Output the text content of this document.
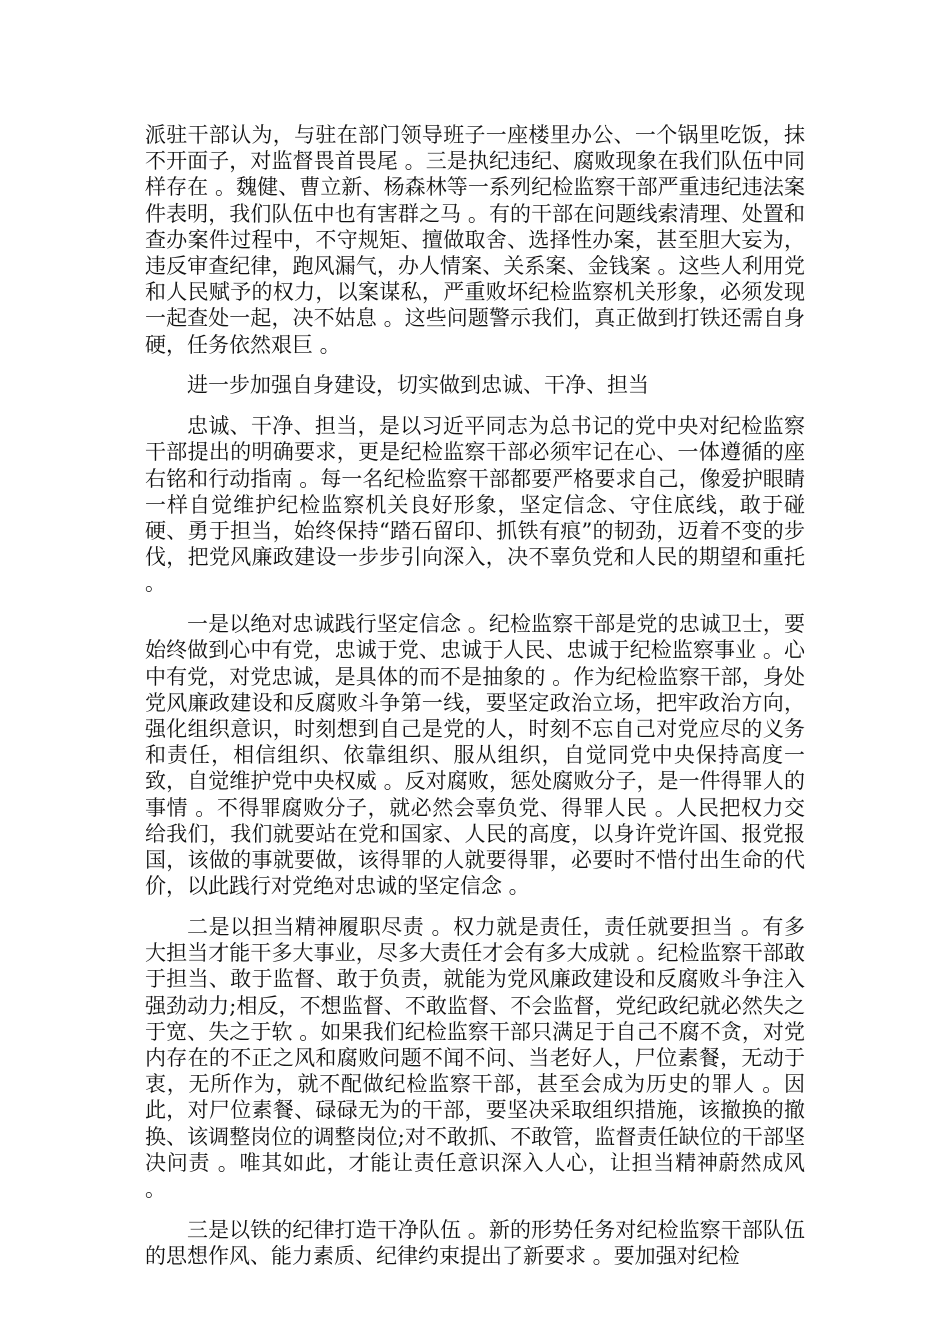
派驻干部认为，与驻在部门领导班子一座楼里办公、一个锅里吃饭，抹不开面子，对监督畏首畏尾 。三是执纪违纪、腐败现象在我们队伍中同样存在 。魏健、曹立新、杨森林等一系列纪检监察干部严重违纪违法案件表明，我们队伍中也有害群之马 。有的干部在问题线索清理、处置和查办案件过程中，不守规矩、擅做取舍、选择性办案，甚至胆大妄为，违反审查纪律，跑风漏气，办人情案、关系案、金钱案 。这些人利用党和人民赋予的权力，以案谋私，严重败坏纪检监察机关形象，必须发现一起查处一起，决不姑息 。这些问题警示我们，真正做到打铁还需自身硬，任务依然艰巨 。

进一步加强自身建设，切实做到忠诚、干净、担当

忠诚、干净、担当，是以习近平同志为总书记的党中央对纪检监察干部提出的明确要求，更是纪检监察干部必须牢记在心、一体遵循的座右铭和行动指南 。每一名纪检监察干部都要严格要求自己，像爱护眼睛一样自觉维护纪检监察机关良好形象，坚定信念、守住底线，敢于碰硬、勇于担当，始终保持“踏石留印、抓铁有痕”的韧劲，迈着不变的步伐，把党风廉政建设一步步引向深入，决不辜负党和人民的期望和重托 。

一是以绝对忠诚践行坚定信念 。纪检监察干部是党的忠诚卫士，要始终做到心中有党，忠诚于党、忠诚于人民、忠诚于纪检监察事业 。心中有党，对党忠诚，是具体的而不是抽象的 。作为纪检监察干部，身处党风廉政建设和反腐败斗争第一线，要坚定政治立场，把牢政治方向，强化组织意识，时刻想到自己是党的人，时刻不忘自己对党应尽的义务和责任，相信组织、依靠组织、服从组织，自觉同党中央保持高度一致，自觉维护党中央权威 。反对腐败，惩处腐败分子，是一件得罪人的事情 。不得罪腐败分子，就必然会辜负党、得罪人民 。人民把权力交给我们，我们就要站在党和国家、人民的高度，以身许党许国、报党报国，该做的事就要做，该得罪的人就要得罪，必要时不惜付出生命的代价，以此践行对党绝对忠诚的坚定信念 。

二是以担当精神履职尽责 。权力就是责任，责任就要担当 。有多大担当才能干多大事业，尽多大责任才会有多大成就 。纪检监察干部敢于担当、敢于监督、敢于负责，就能为党风廉政建设和反腐败斗争注入强劲动力;相反，不想监督、不敢监督、不会监督，党纪政纪就必然失之于宽、失之于软 。如果我们纪检监察干部只满足于自己不腐不贪，对党内存在的不正之风和腐败问题不闻不问、当老好人，尸位素餐，无动于衷，无所作为，就不配做纪检监察干部，甚至会成为历史的罪人 。因此，对尸位素餐、碌碌无为的干部，要坚决采取组织措施，该撤换的撤换、该调整岗位的调整岗位;对不敢抓、不敢管，监督责任缺位的干部坚决问责 。唯其如此，才能让责任意识深入人心，让担当精神蔚然成风 。

三是以铁的纪律打造干净队伍 。新的形势任务对纪检监察干部队伍的思想作风、能力素质、纪律约束提出了新要求 。要加强对纪检
